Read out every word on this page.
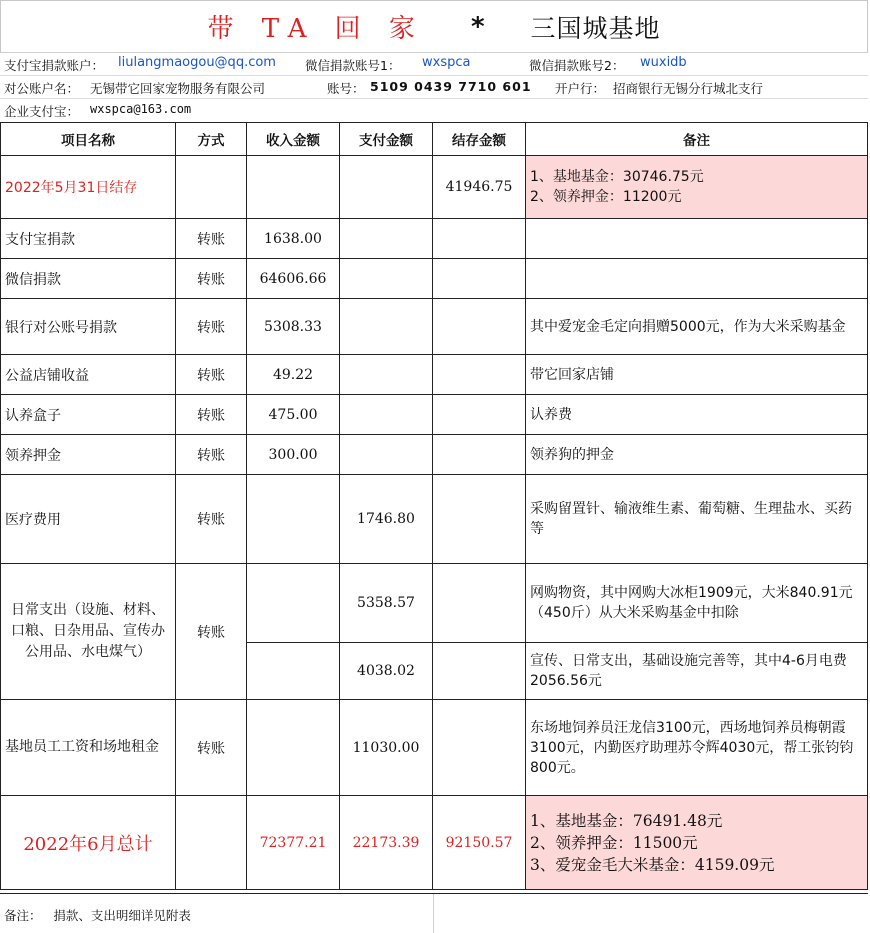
带 TA 回 家 * 三国城基地
支付宝捐款账户： liulangmaogou@qq.com 微信捐款账号1： wxspca	微信捐款账号2： wuxidb
对公账户名： 无锡带它回家宠物服务有限公司	账号： 5109 0439 7710 601 开户行： 招商银行无锡分行城北支行
企业支付宝： wxspca@163.com
项目名称	方式	收入金额	支付金额	结存金额	备注
2022年5月31日结存				41946.75	1、基地基金：30746.75元
2、领养押金：11200元

支付宝捐款	转账	1638.00			
微信捐款	转账	64606.66			
银行对公账号捐款	转账	5308.33			其中爱宠金毛定向捐赠5000元，作为大米采购基金
公益店铺收益	转账	49.22			带它回家店铺
认养盒子	转账	475.00			认养费
领养押金	转账	300.00			领养狗的押金
医疗费用	转账		1746.80		采购留置针、输液维生素、葡萄糖、生理盐水、买药等
日常支出（设施、材料、口粮、日杂用品、宣传办公用品、水电煤气）	转账		5358.57		网购物资，其中网购大冰柜1909元，大米840.91元（450斤）从大米采购基金中扣除
			4038.02		宣传、日常支出，基础设施完善等，其中4-6月电费2056.56元
基地员工工资和场地租金	转账		11030.00		东场地饲养员汪龙信3100元，西场地饲养员梅朝霞3100元，内勤医疗助理苏令辉4030元，帮工张钧钧800元。
2022年6月总计		72377.21	22173.39	92150.57	1、基地基金：76491.48元
2、领养押金：11500元
3、爱宠金毛大米基金：4159.09元
备注：   捐款、支出明细详见附表
